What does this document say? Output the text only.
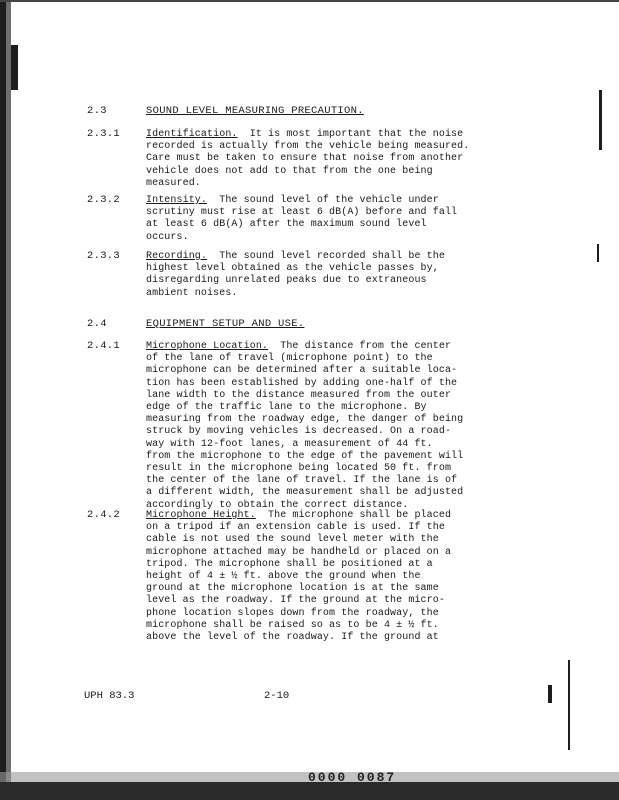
2.3	SOUND LEVEL MEASURING PRECAUTION.
2.3.1	Identification. It is most important that the noise
recorded is actually from the vehicle being measured.
Care must be taken to ensure that noise from another
vehicle does not add to that from the one being
measured.
2.3.2	Intensity. The sound level of the vehicle under
scrutiny must rise at least 6 dB(A) before and fall
at least 6 dB(A) after the maximum sound level
occurs.
2.3.3	Recording. The sound level recorded shall be the
highest level obtained as the vehicle passes by,
disregarding unrelated peaks due to extraneous
ambient noises.
2.4	EQUIPMENT SETUP AND USE.
2.4.1	Microphone Location. The distance from the center
of the lane of travel (microphone point) to the
microphone can be determined after a suitable loca-
tion has been established by adding one-half of the
lane width to the distance measured from the outer
edge of the traffic lane to the microphone. By
measuring from the roadway edge, the danger of being
struck by moving vehicles is decreased. On a road-
way with 12-foot lanes, a measurement of 44 ft.
from the microphone to the edge of the pavement will
result in the microphone being located 50 ft. from
the center of the lane of travel. If the lane is of
a different width, the measurement shall be adjusted
accordingly to obtain the correct distance.
2.4.2	Microphone Height. The microphone shall be placed
on a tripod if an extension cable is used. If the
cable is not used the sound level meter with the
microphone attached may be handheld or placed on a
tripod. The microphone shall be positioned at a
height of 4 ± ½ ft. above the ground when the
ground at the microphone location is at the same
level as the roadway. If the ground at the micro-
phone location slopes down from the roadway, the
microphone shall be raised so as to be 4 ± ½ ft.
above the level of the roadway. If the ground at
UPH 83.3	2-10
0000 0087
